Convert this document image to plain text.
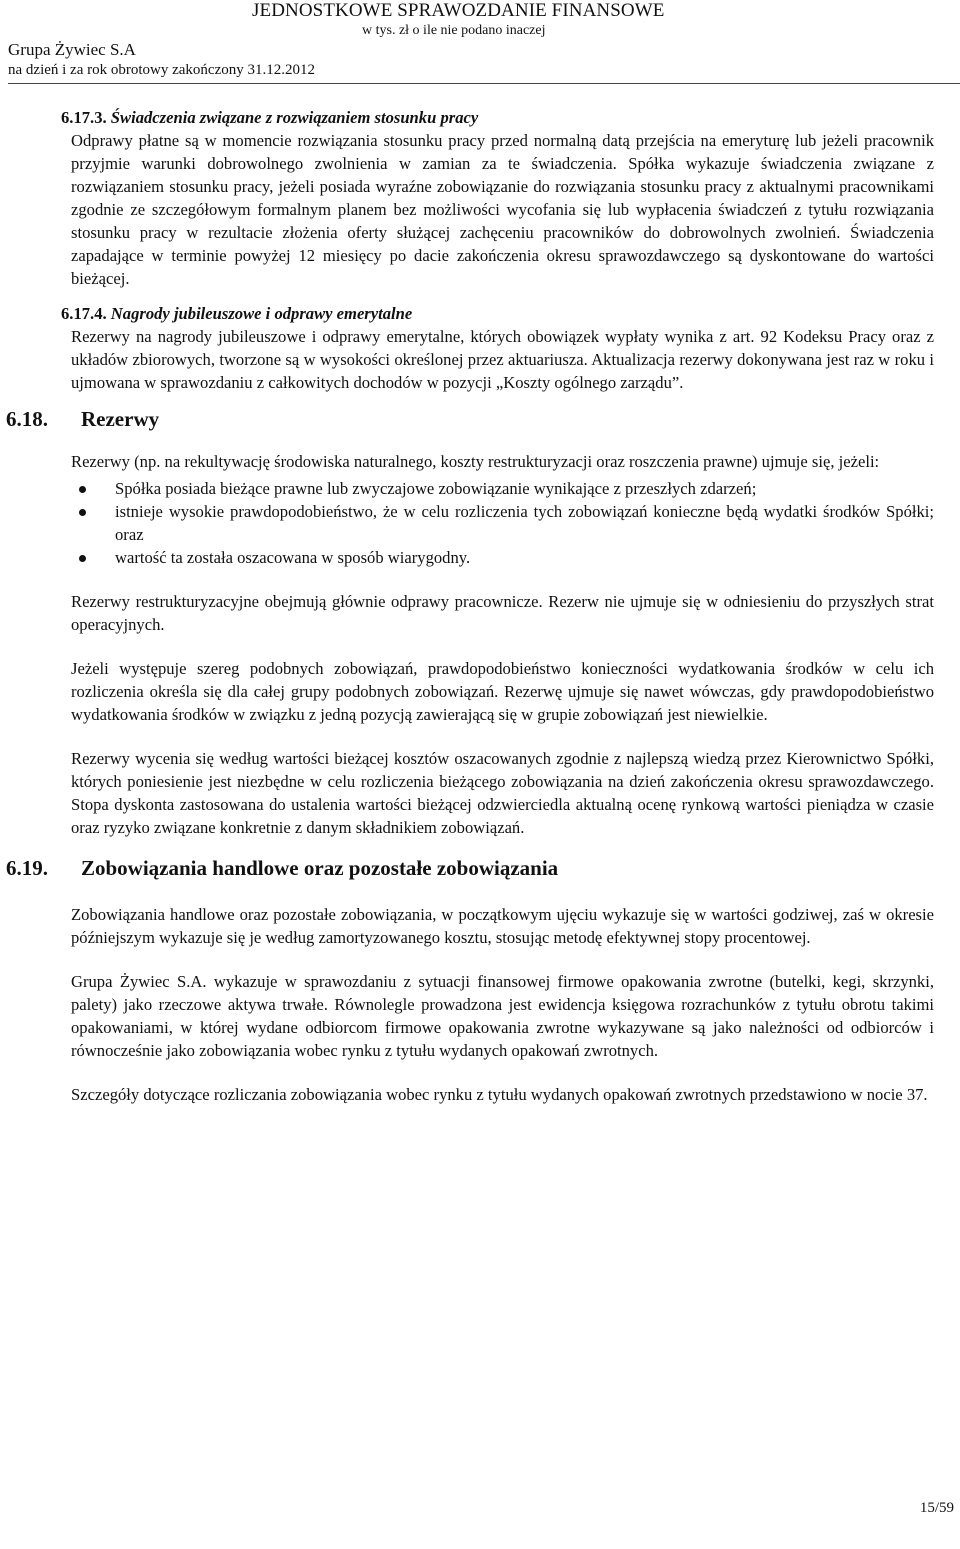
JEDNOSTKOWE SPRAWOZDANIE FINANSOWE
w tys. zł o ile nie podano inaczej
Grupa Żywiec S.A
na dzień i za rok obrotowy zakończony 31.12.2012
6.17.3. Świadczenia związane z rozwiązaniem stosunku pracy

Odprawy płatne są w momencie rozwiązania stosunku pracy przed normalną datą przejścia na emeryturę lub jeżeli pracownik przyjmie warunki dobrowolnego zwolnienia w zamian za te świadczenia. Spółka wykazuje świadczenia związane z rozwiązaniem stosunku pracy, jeżeli posiada wyraźne zobowiązanie do rozwiązania stosunku pracy z aktualnymi pracownikami zgodnie ze szczegółowym formalnym planem bez możliwości wycofania się lub wypłacenia świadczeń z tytułu rozwiązania stosunku pracy w rezultacie złożenia oferty służącej zachęceniu pracowników do dobrowolnych zwolnień. Świadczenia zapadające w terminie powyżej 12 miesięcy po dacie zakończenia okresu sprawozdawczego są dyskontowane do wartości bieżącej.

6.17.4. Nagrody jubileuszowe i odprawy emerytalne

Rezerwy na nagrody jubileuszowe i odprawy emerytalne, których obowiązek wypłaty wynika z art. 92 Kodeksu Pracy oraz z układów zbiorowych, tworzone są w wysokości określonej przez aktuariusza. Aktualizacja rezerwy dokonywana jest raz w roku i ujmowana w sprawozdaniu z całkowitych dochodów w pozycji „Koszty ogólnego zarządu”.

6.18. Rezerwy

Rezerwy (np. na rekultywację środowiska naturalnego, koszty restrukturyzacji oraz roszczenia prawne) ujmuje się, jeżeli:

Spółka posiada bieżące prawne lub zwyczajowe zobowiązanie wynikające z przeszłych zdarzeń;
istnieje wysokie prawdopodobieństwo, że w celu rozliczenia tych zobowiązań konieczne będą wydatki środków Spółki; oraz
wartość ta została oszacowana w sposób wiarygodny.

Rezerwy restrukturyzacyjne obejmują głównie odprawy pracownicze. Rezerw nie ujmuje się w odniesieniu do przyszłych strat operacyjnych.

Jeżeli występuje szereg podobnych zobowiązań, prawdopodobieństwo konieczności wydatkowania środków w celu ich rozliczenia określa się dla całej grupy podobnych zobowiązań. Rezerwę ujmuje się nawet wówczas, gdy prawdopodobieństwo wydatkowania środków w związku z jedną pozycją zawierającą się w grupie zobowiązań jest niewielkie.

Rezerwy wycenia się według wartości bieżącej kosztów oszacowanych zgodnie z najlepszą wiedzą przez Kierownictwo Spółki, których poniesienie jest niezbędne w celu rozliczenia bieżącego zobowiązania na dzień zakończenia okresu sprawozdawczego. Stopa dyskonta zastosowana do ustalenia wartości bieżącej odzwierciedla aktualną ocenę rynkową wartości pieniądza w czasie oraz ryzyko związane konkretnie z danym składnikiem zobowiązań.

6.19. Zobowiązania handlowe oraz pozostałe zobowiązania

Zobowiązania handlowe oraz pozostałe zobowiązania, w początkowym ujęciu wykazuje się w wartości godziwej, zaś w okresie późniejszym wykazuje się je według zamortyzowanego kosztu, stosując metodę efektywnej stopy procentowej.

Grupa Żywiec S.A. wykazuje w sprawozdaniu z sytuacji finansowej firmowe opakowania zwrotne (butelki, kegi, skrzynki, palety) jako rzeczowe aktywa trwałe. Równolegle prowadzona jest ewidencja księgowa rozrachunków z tytułu obrotu takimi opakowaniami, w której wydane odbiorcom firmowe opakowania zwrotne wykazywane są jako należności od odbiorców i równocześnie jako zobowiązania wobec rynku z tytułu wydanych opakowań zwrotnych.

Szczegóły dotyczące rozliczania zobowiązania wobec rynku z tytułu wydanych opakowań zwrotnych przedstawiono w nocie 37.

15/59
